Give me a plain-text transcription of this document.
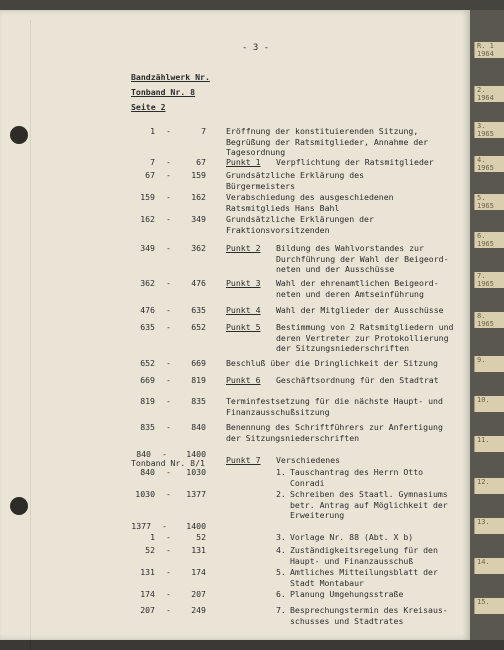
R. 1
1964
2.
1964
3.
1965
4.
1965
5.
1965
6.
1965
7.
1965
8.
1965
9.
10.
11.
12.
13.
14.
15.
- 3 -
Bandzählwerk Nr.
Tonband Nr. 8
Seite 2
1 -	7 Eröffnung der konstituierenden Sitzung,
Begrüßung der Ratsmitglieder, Annahme der
Tagesordnung
7 -	67 Punkt 1 Verpflichtung der Ratsmitglieder
67 -	159 Grundsätzliche Erklärung des
Bürgermeisters
159 -	162 Verabschiedung des ausgeschiedenen
Ratsmitglieds Hans Bahl
162 -	349 Grundsätzliche Erklärungen der
Fraktionsvorsitzenden
349 -	362 Punkt 2 Bildung des Wahlvorstandes zur
Durchführung der Wahl der Beigeord-
neten und der Ausschüsse
362 -	476 Punkt 3 Wahl der ehrenamtlichen Beigeord-
neten und deren Amtseinführung
476 -	635 Punkt 4 Wahl der Mitglieder der Ausschüsse
635 -	652 Punkt 5 Bestimmung von 2 Ratsmitgliedern und
deren Vertreter zur Protokollierung
der Sitzungsniederschriften
652 -	669 Beschluß über die Dringlichkeit der Sitzung
669 -	819 Punkt 6 Geschäftsordnung für den Stadtrat
819 -	835 Terminfestsetzung für die nächste Haupt- und
Finanzausschußsitzung
835 -	840 Benennung des Schriftführers zur Anfertigung
der Sitzungsniederschriften
840 -	1400
Tonband Nr. 8/1	Punkt 7 Verschiedenes
840 -	1030	1. Tauschantrag des Herrn Otto
Conradi
1030 -	1377	2. Schreiben des Staatl. Gymnasiums
betr. Antrag auf Möglichkeit der
Erweiterung
1377 -	1400
1 -	52	3. Vorlage Nr. 88 (Abt. X b)
52 -	131	4. Zuständigkeitsregelung für den
Haupt- und Finanzausschuß
131 -	174	5. Amtliches Mitteilungsblatt der
Stadt Montabaur
174 -	207	6. Planung Umgehungsstraße
207 -	249	7. Besprechungstermin des Kreisaus-
schusses und Stadtrates
